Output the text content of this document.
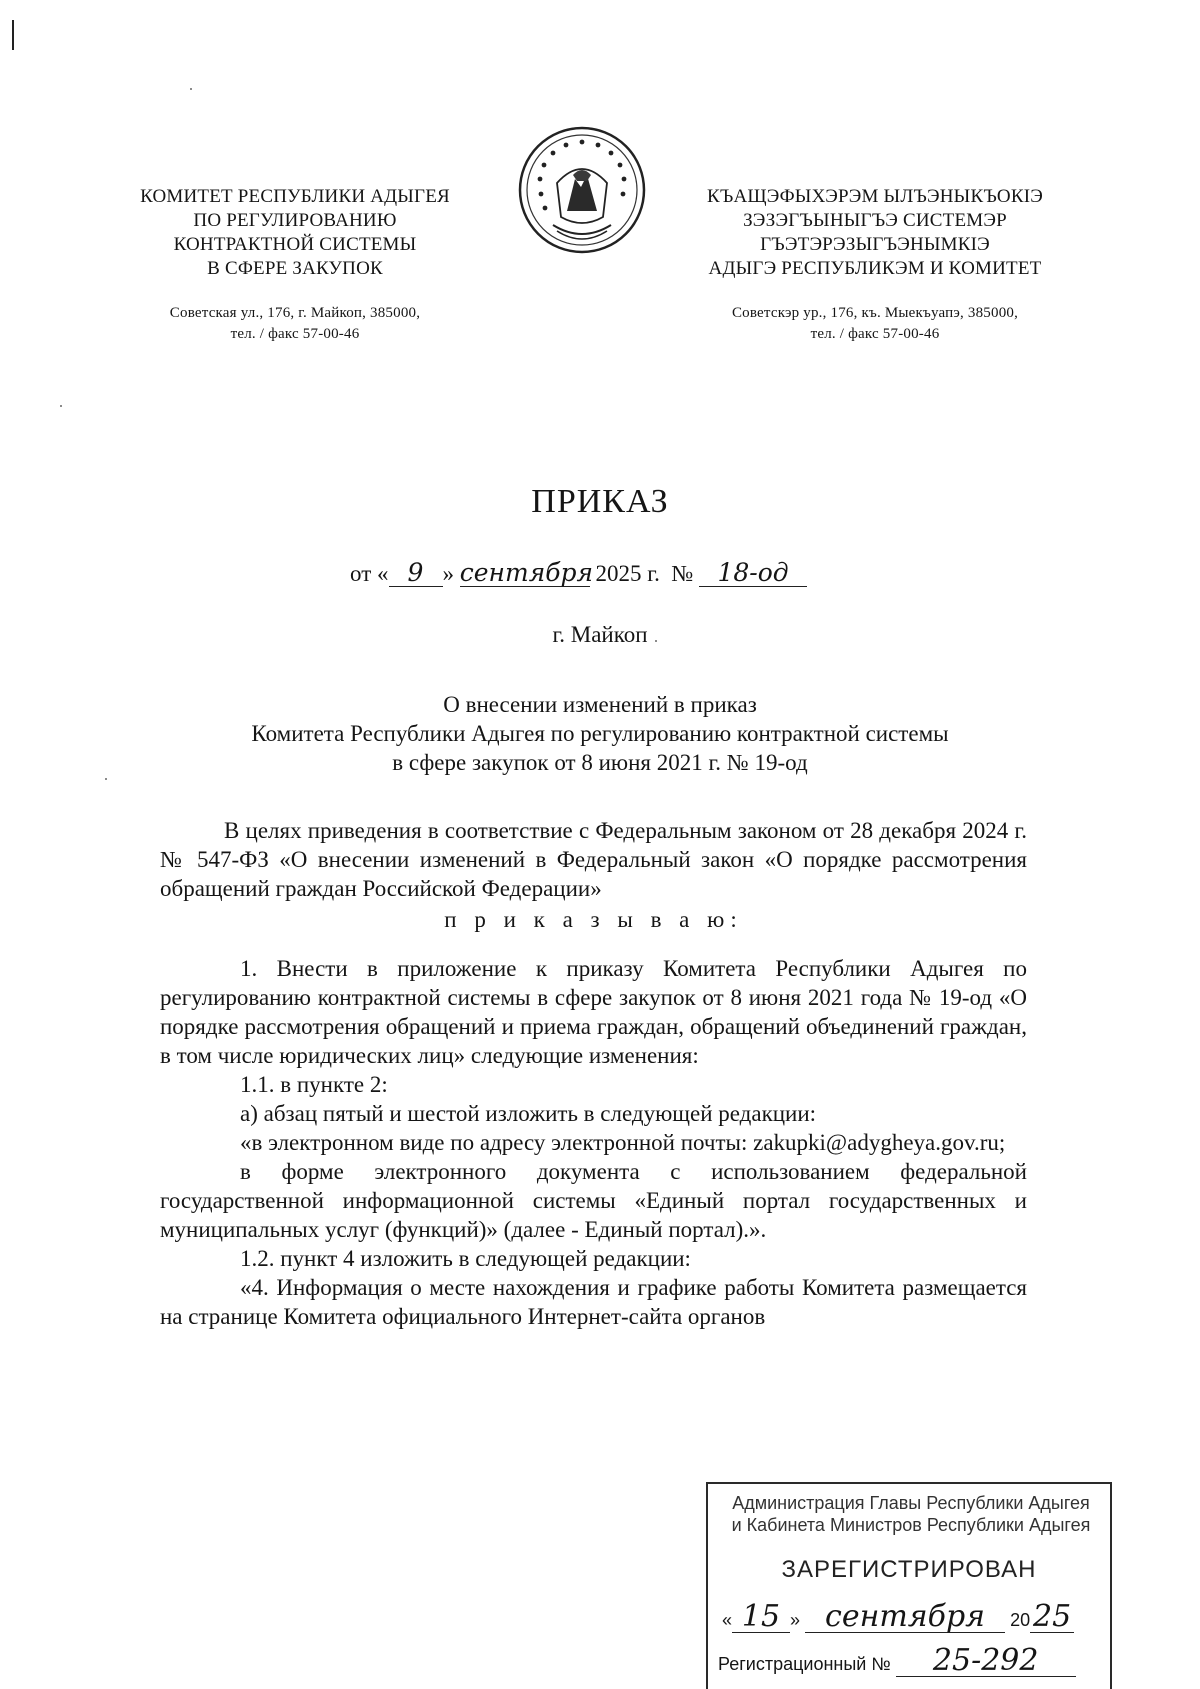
КОМИТЕТ РЕСПУБЛИКИ АДЫГЕЯ
ПО РЕГУЛИРОВАНИЮ
КОНТРАКТНОЙ СИСТЕМЫ
В СФЕРЕ ЗАКУПОК
Советская ул., 176, г. Майкоп, 385000,
тел. / факс 57-00-46
КЪАЩЭФЫХЭРЭМ ЫЛЪЭНЫКЪОКIЭ
ЗЭЗЭГЪЫНЫГЪЭ СИСТЕМЭР
ГЪЭТЭРЭЗЫГЪЭНЫМКIЭ
АДЫГЭ РЕСПУБЛИКЭМ И КОМИТЕТ
Советскэр ур., 176, къ. Мыекъуапэ, 385000,
тел. / факс 57-00-46
ПРИКАЗ
от « 9 » сентября 2025 г. № 18-од
г. Майкоп
О внесении изменений в приказ
Комитета Республики Адыгея по регулированию контрактной системы
в сфере закупок от 8 июня 2021 г. № 19-од

В целях приведения в соответствие с Федеральным законом от 28 декабря 2024 г. № 547-ФЗ «О внесении изменений в Федеральный закон «О порядке рассмотрения обращений граждан Российской Федерации»

п р и к а з ы в а ю:

1. Внести в приложение к приказу Комитета Республики Адыгея по регулированию контрактной системы в сфере закупок от 8 июня 2021 года № 19-од «О порядке рассмотрения обращений и приема граждан, обращений объединений граждан, в том числе юридических лиц» следующие изменения:

1.1. в пункте 2:

а) абзац пятый и шестой изложить в следующей редакции:

«в электронном виде по адресу электронной почты: zakupki@adygheya.gov.ru;

в форме электронного документа с использованием федеральной государственной информационной системы «Единый портал государственных и муниципальных услуг (функций)» (далее - Единый портал).».

1.2. пункт 4 изложить в следующей редакции:

«4. Информация о месте нахождения и графике работы Комитета размещается на странице Комитета официального Интернет-сайта органов

Администрация Главы Республики Адыгея
и Кабинета Министров Республики Адыгея
ЗАРЕГИСТРИРОВАН
« 15 » сентября 2025
Регистрационный № 25-292
